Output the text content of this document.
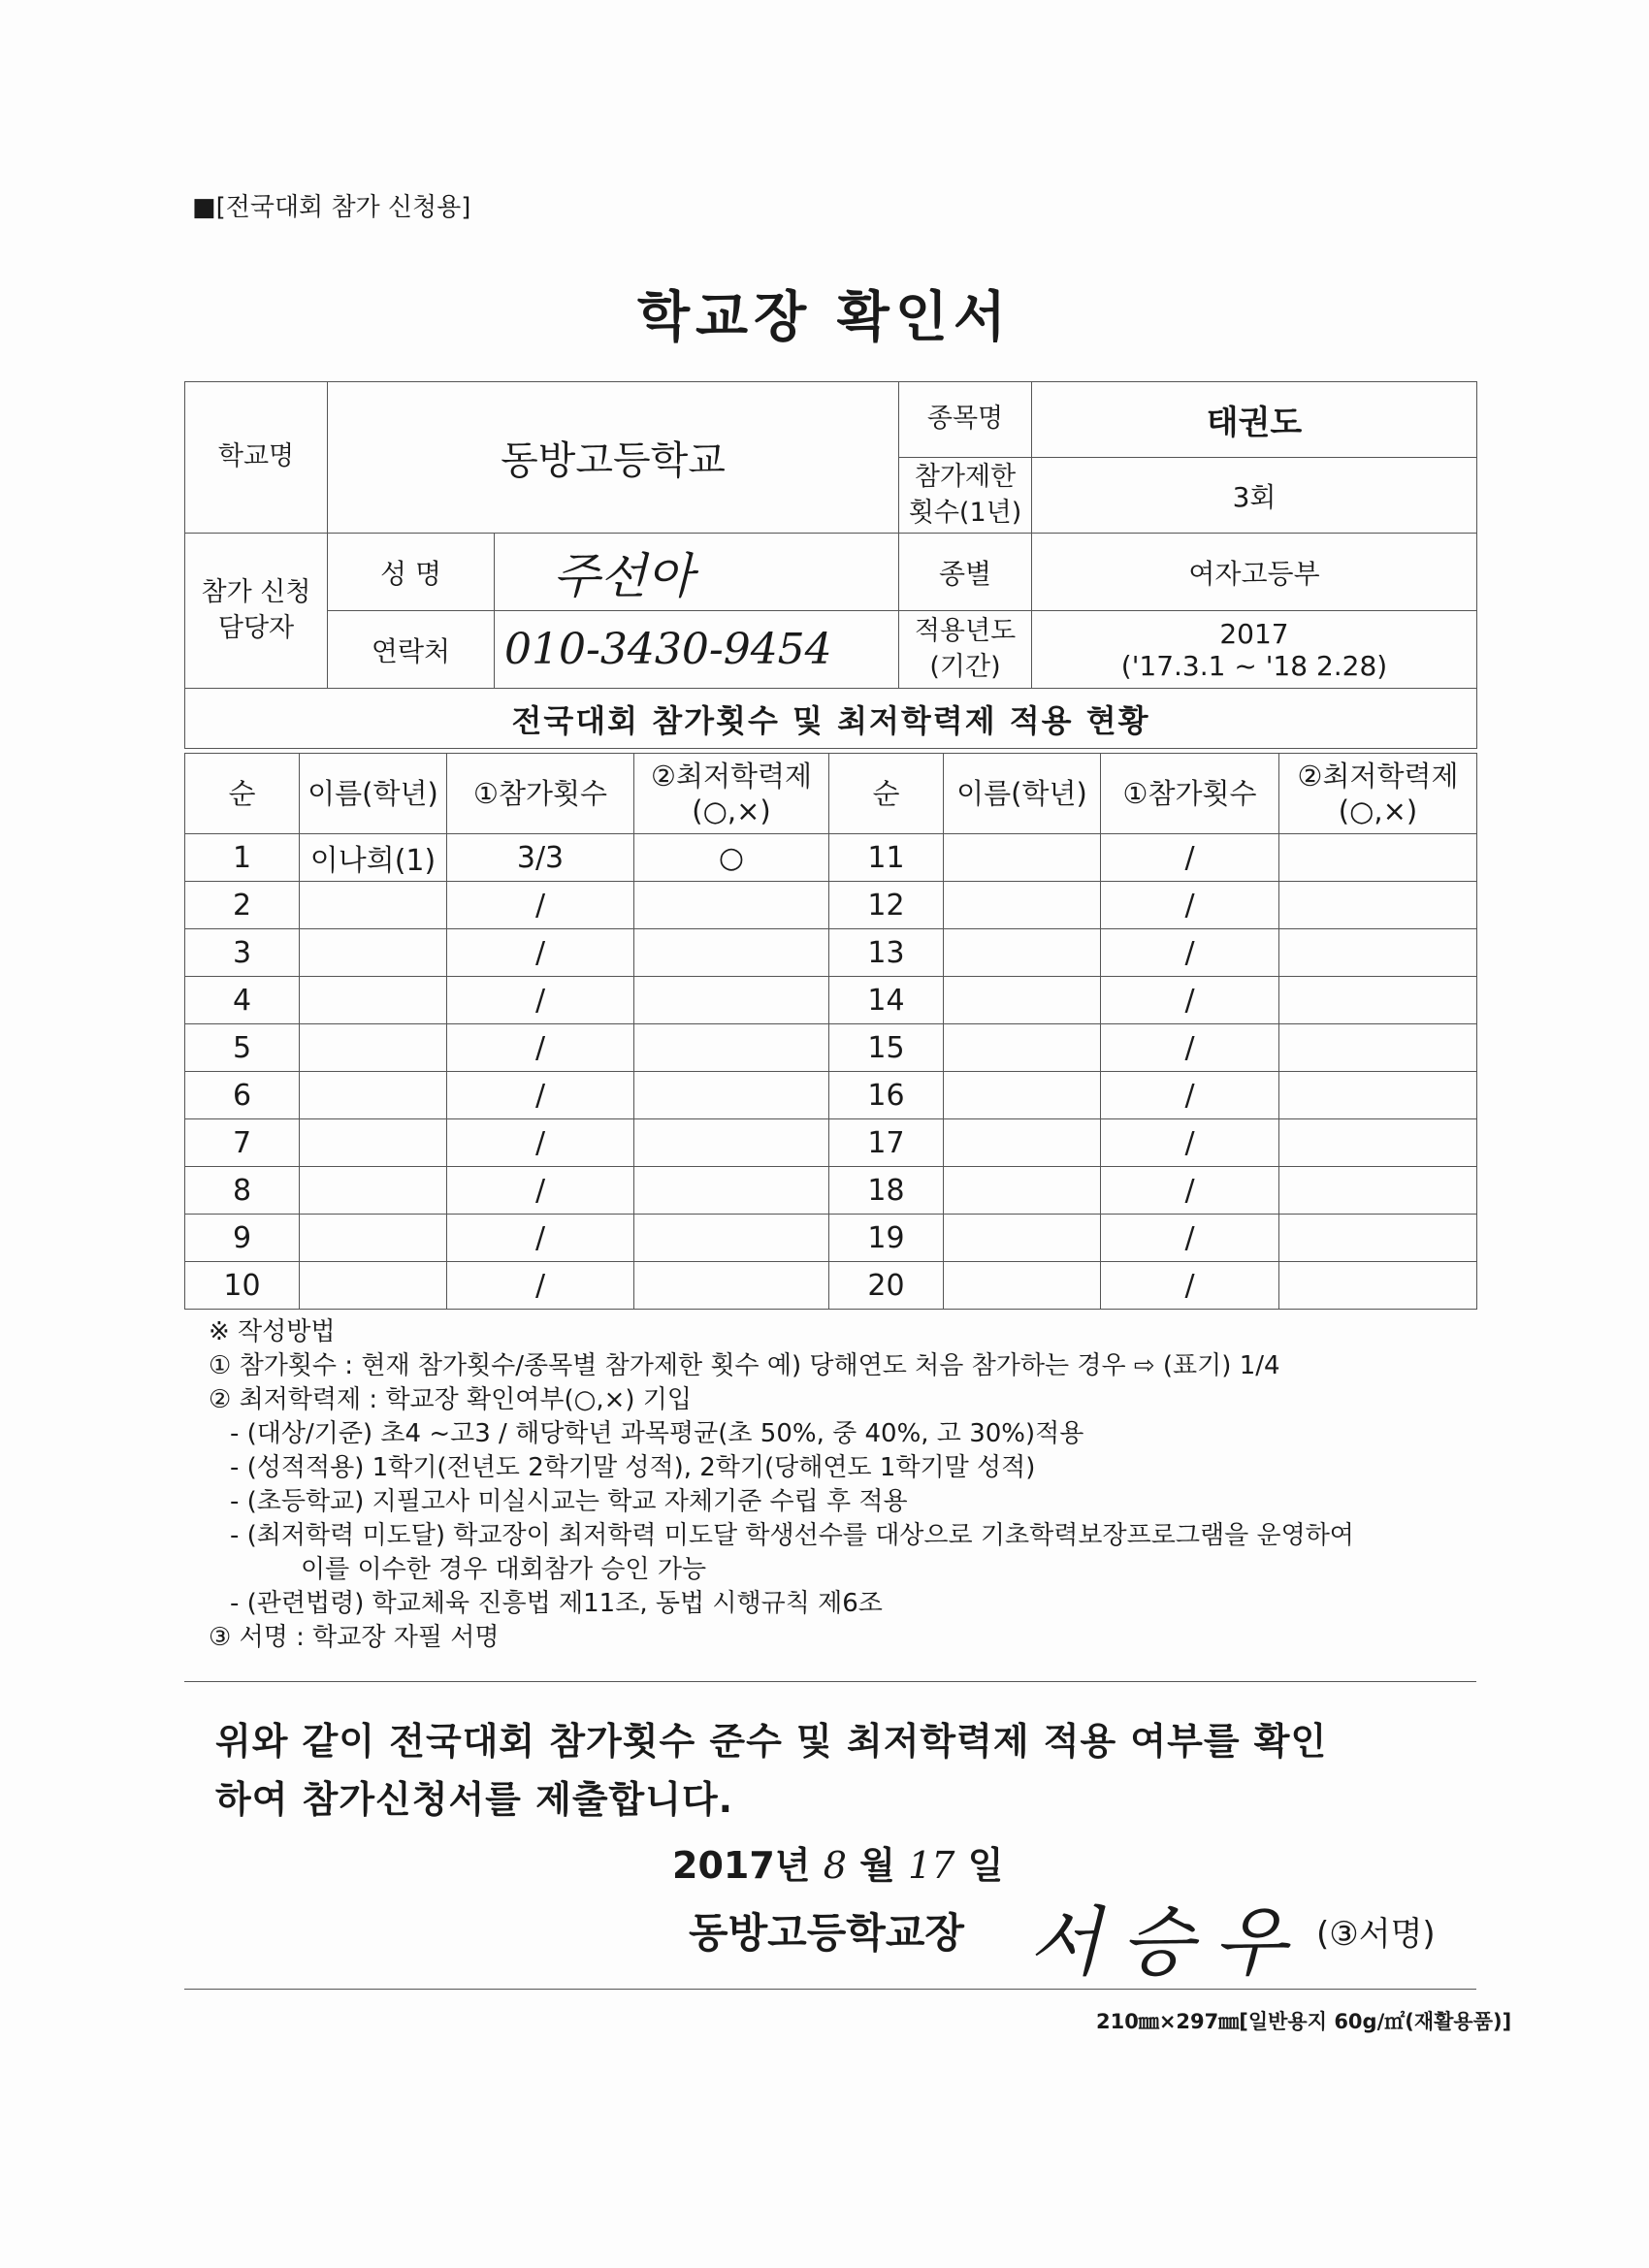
■[전국대회 참가 신청용]
학교장 확인서
학교명	동방고등학교		종목명	태권도
			참가제한 횟수(1년)	3회
참가 신청 담당자	성 명	주선아	종별	여자고등부
	연락처	010-3430-9454	적용년도 (기간)	2017
('17.3.1 ~ '18 2.28)

전국대회 참가횟수 및 최저학력제 적용 현황				
순	이름(학년)	①참가횟수	②최저학력제 (○,×)	순	이름(학년)	①참가횟수	②최저학력제 (○,×)
1	이나희(1)	3/3	○	11		/	
2		/		12		/	
3		/		13		/	
4		/		14		/	
5		/		15		/	
6		/		16		/	
7		/		17		/	
8		/		18		/	
9		/		19		/	
10		/		20		/	
※ 작성방법
① 참가횟수 : 현재 참가횟수/종목별 참가제한 횟수 예) 당해연도 처음 참가하는 경우 ⇨ (표기) 1/4
② 최저학력제 : 학교장 확인여부(○,×) 기입
- (대상/기준) 초4 ~고3 / 해당학년 과목평균(초 50%, 중 40%, 고 30%)적용
- (성적적용) 1학기(전년도 2학기말 성적), 2학기(당해연도 1학기말 성적)
- (초등학교) 지필고사 미실시교는 학교 자체기준 수립 후 적용
- (최저학력 미도달) 학교장이 최저학력 미도달 학생선수를 대상으로 기초학력보장프로그램을 운영하여
이를 이수한 경우 대회참가 승인 가능
- (관련법령) 학교체육 진흥법 제11조, 동법 시행규칙 제6조
③ 서명 : 학교장 자필 서명
위와 같이 전국대회 참가횟수 준수 및 최저학력제 적용 여부를 확인
하여 참가신청서를 제출합니다.
2017년 8 월 17 일
동방고등학교장 서승우 (③서명)
210㎜×297㎜[일반용지 60g/㎡(재활용품)]
